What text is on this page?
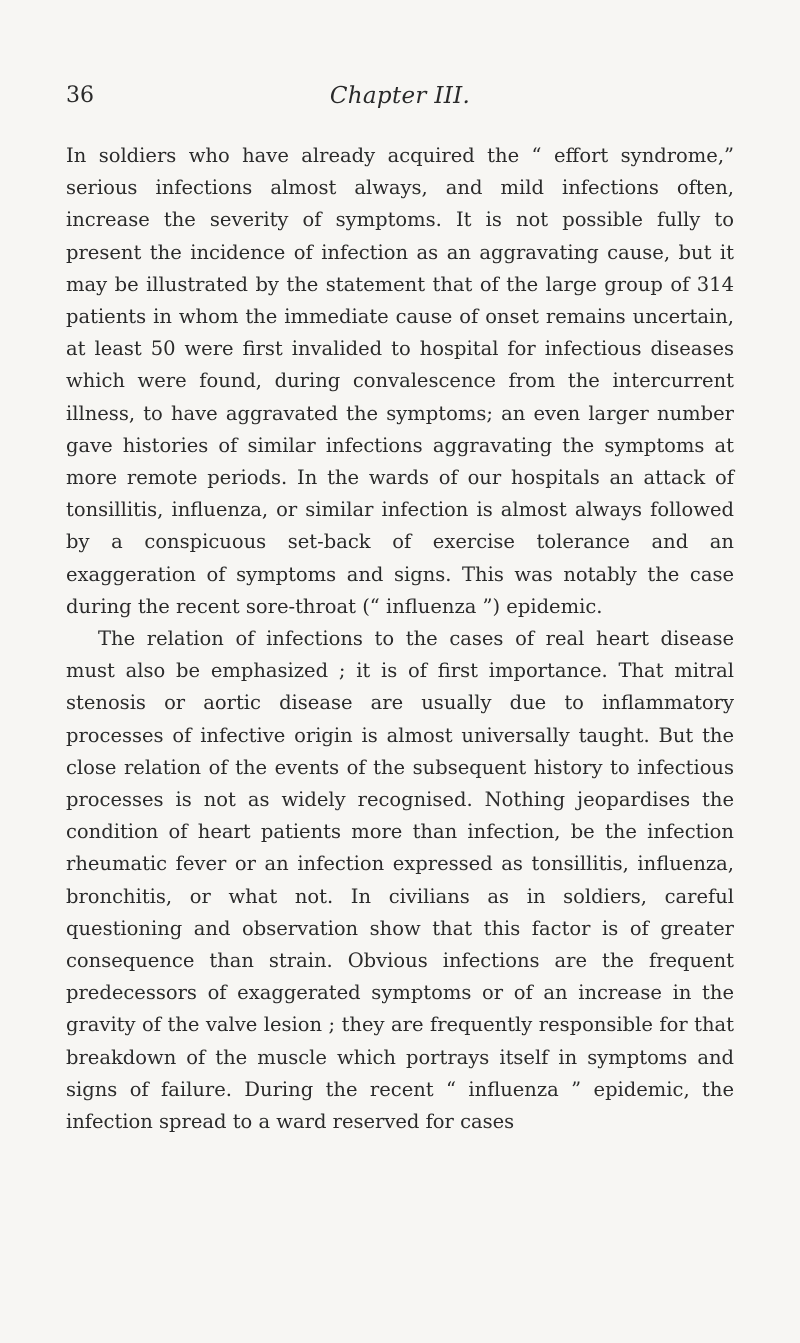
36	Chapter III.

In soldiers who have already acquired the “ effort syndrome,” serious infections almost always, and mild infections often, increase the severity of symptoms. It is not possible fully to present the incidence of infection as an aggravating cause, but it may be illustrated by the statement that of the large group of 314 patients in whom the immediate cause of onset remains uncertain, at least 50 were first invalided to hospital for infectious diseases which were found, during convalescence from the intercurrent illness, to have aggravated the symptoms; an even larger number gave histories of similar infections aggravating the symptoms at more remote periods. In the wards of our hospitals an attack of tonsillitis, influenza, or similar infection is almost always followed by a conspicuous set-back of exercise tolerance and an exaggeration of symptoms and signs. This was notably the case during the recent sore-throat (“ influenza ”) epidemic.

The relation of infections to the cases of real heart disease must also be emphasized ; it is of first importance. That mitral stenosis or aortic disease are usually due to inflammatory processes of infective origin is almost universally taught. But the close relation of the events of the subsequent history to infectious processes is not as widely recognised. Nothing jeopardises the condition of heart patients more than infection, be the infection rheumatic fever or an infection expressed as tonsillitis, influenza, bronchitis, or what not. In civilians as in soldiers, careful questioning and observation show that this factor is of greater consequence than strain. Obvious infections are the frequent predecessors of exaggerated symptoms or of an increase in the gravity of the valve lesion ; they are frequently responsible for that breakdown of the muscle which portrays itself in symptoms and signs of failure. During the recent “ influenza ” epidemic, the infection spread to a ward reserved for cases
